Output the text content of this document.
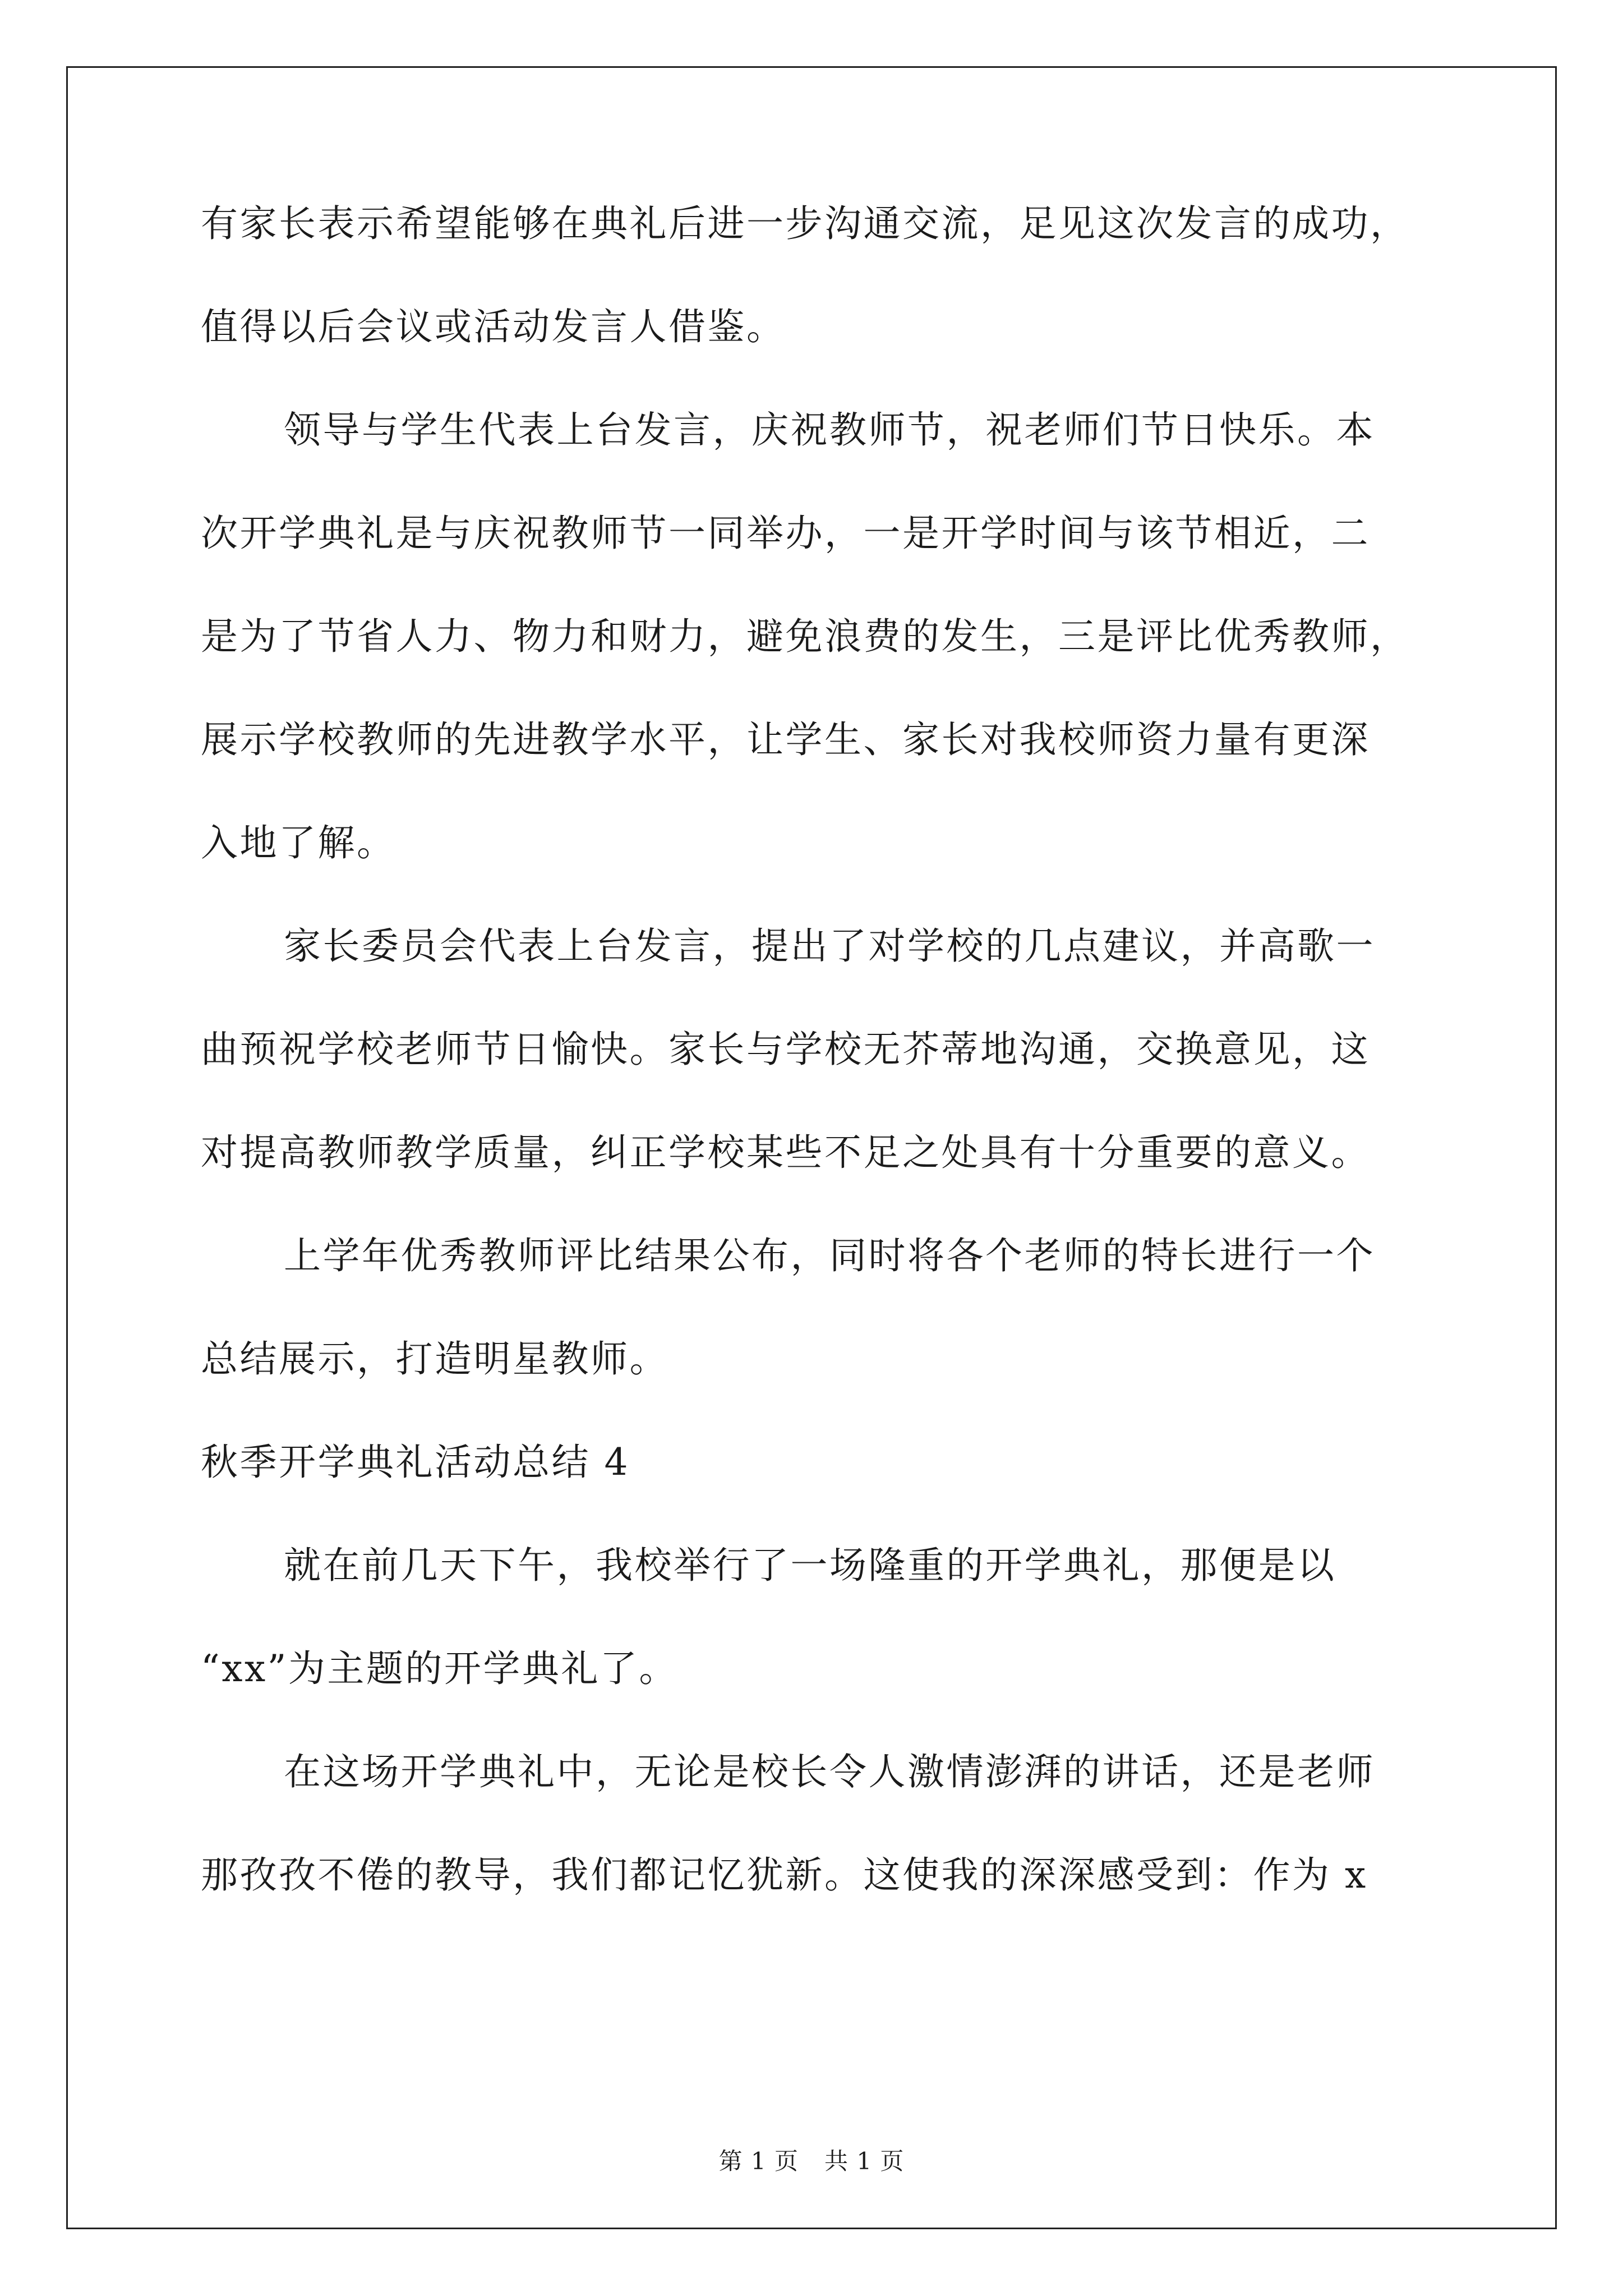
有家长表示希望能够在典礼后进一步沟通交流，足见这次发言的成功，

值得以后会议或活动发言人借鉴。

领导与学生代表上台发言，庆祝教师节，祝老师们节日快乐。本

次开学典礼是与庆祝教师节一同举办，一是开学时间与该节相近，二

是为了节省人力、物力和财力，避免浪费的发生，三是评比优秀教师，

展示学校教师的先进教学水平，让学生、家长对我校师资力量有更深

入地了解。

家长委员会代表上台发言，提出了对学校的几点建议，并高歌一

曲预祝学校老师节日愉快。家长与学校无芥蒂地沟通，交换意见，这

对提高教师教学质量，纠正学校某些不足之处具有十分重要的意义。

上学年优秀教师评比结果公布，同时将各个老师的特长进行一个

总结展示，打造明星教师。

秋季开学典礼活动总结 4

就在前几天下午，我校举行了一场隆重的开学典礼，那便是以

“xx”为主题的开学典礼了。

在这场开学典礼中，无论是校长令人激情澎湃的讲话，还是老师

那孜孜不倦的教导，我们都记忆犹新。这使我的深深感受到：作为 x

第 1 页 共 1 页
